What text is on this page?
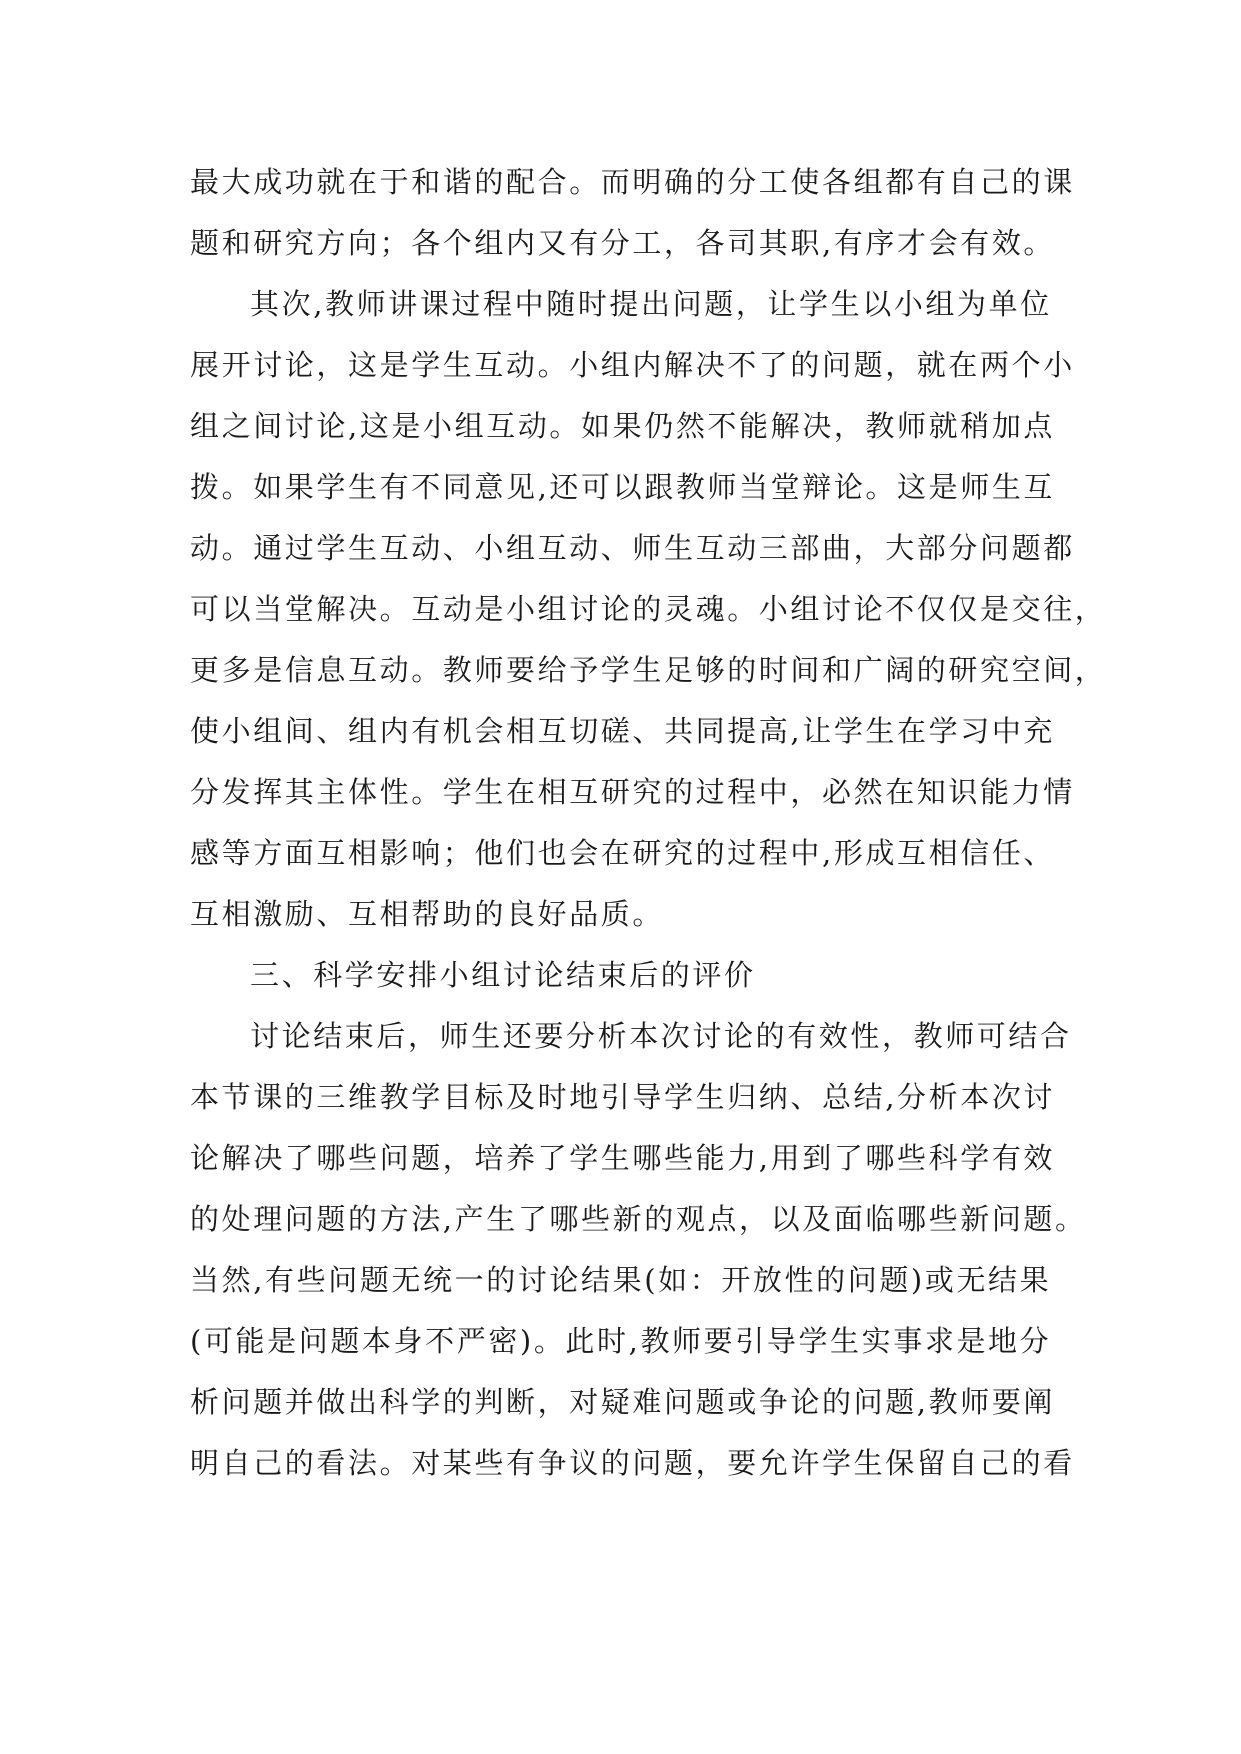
最大成功就在于和谐的配合。而明确的分工使各组都有自己的课
题和研究方向；各个组内又有分工，各司其职,有序才会有效。
其次,教师讲课过程中随时提出问题，让学生以小组为单位
展开讨论，这是学生互动。小组内解决不了的问题，就在两个小
组之间讨论,这是小组互动。如果仍然不能解决，教师就稍加点
拨。如果学生有不同意见,还可以跟教师当堂辩论。这是师生互
动。通过学生互动、小组互动、师生互动三部曲，大部分问题都
可以当堂解决。互动是小组讨论的灵魂。小组讨论不仅仅是交往，
更多是信息互动。教师要给予学生足够的时间和广阔的研究空间，
使小组间、组内有机会相互切磋、共同提高,让学生在学习中充
分发挥其主体性。学生在相互研究的过程中，必然在知识能力情
感等方面互相影响；他们也会在研究的过程中,形成互相信任、
互相激励、互相帮助的良好品质。
三、科学安排小组讨论结束后的评价
讨论结束后，师生还要分析本次讨论的有效性，教师可结合
本节课的三维教学目标及时地引导学生归纳、总结,分析本次讨
论解决了哪些问题，培养了学生哪些能力,用到了哪些科学有效
的处理问题的方法,产生了哪些新的观点，以及面临哪些新问题。
当然,有些问题无统一的讨论结果(如：开放性的问题)或无结果
(可能是问题本身不严密)。此时,教师要引导学生实事求是地分
析问题并做出科学的判断，对疑难问题或争论的问题,教师要阐
明自己的看法。对某些有争议的问题，要允许学生保留自己的看
